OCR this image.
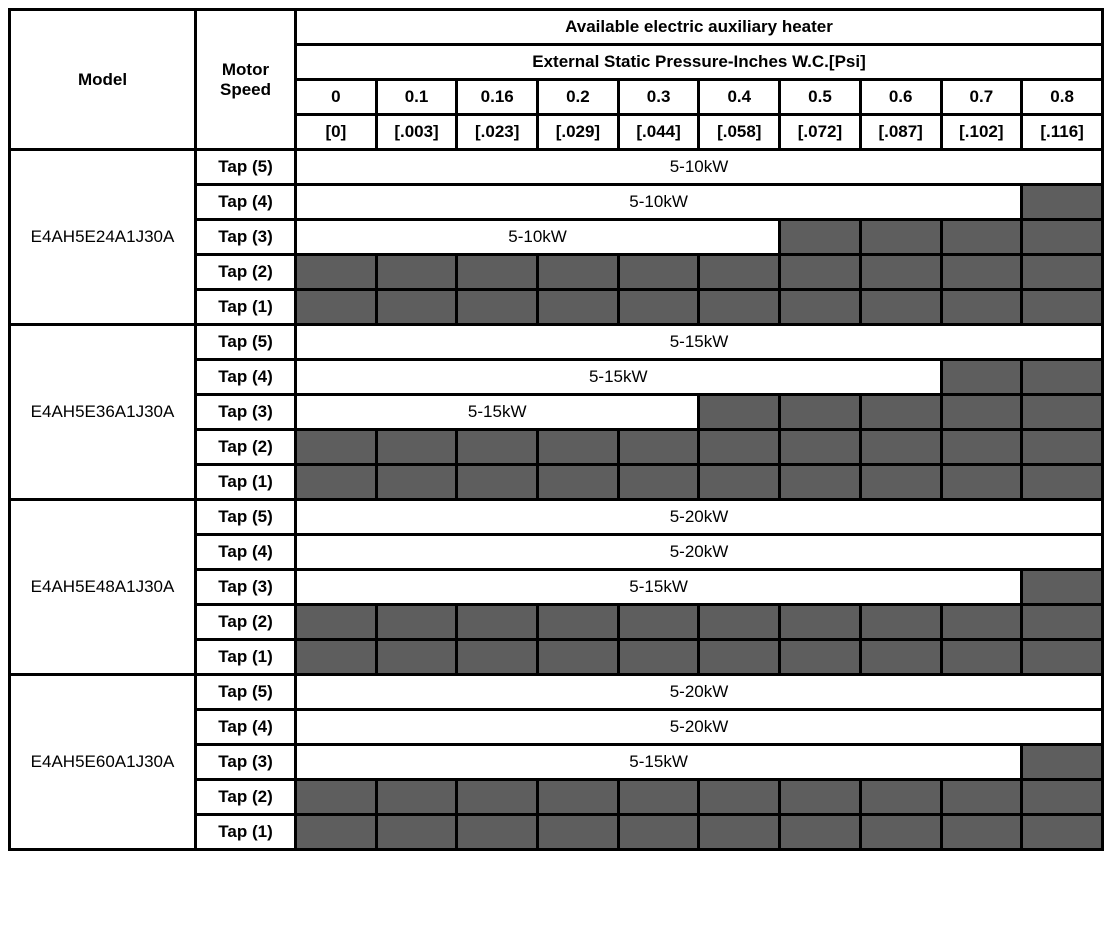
Model	Motor Speed	Available electric auxiliary heater									
		External Static Pressure-Inches W.C.[Psi]									
		0	0.1	0.16	0.2	0.3	0.4	0.5	0.6	0.7	0.8
		[0]	[.003]	[.023]	[.029]	[.044]	[.058]	[.072]	[.087]	[.102]	[.116]
E4AH5E24A1J30A	Tap (5)	5-10kW									
	Tap (4)	5-10kW									
	Tap (3)	5-10kW									
	Tap (2)										
	Tap (1)										
E4AH5E36A1J30A	Tap (5)	5-15kW									
	Tap (4)	5-15kW									
	Tap (3)	5-15kW									
	Tap (2)										
	Tap (1)										
E4AH5E48A1J30A	Tap (5)	5-20kW									
	Tap (4)	5-20kW									
	Tap (3)	5-15kW									
	Tap (2)										
	Tap (1)										
E4AH5E60A1J30A	Tap (5)	5-20kW									
	Tap (4)	5-20kW									
	Tap (3)	5-15kW									
	Tap (2)										
	Tap (1)										
